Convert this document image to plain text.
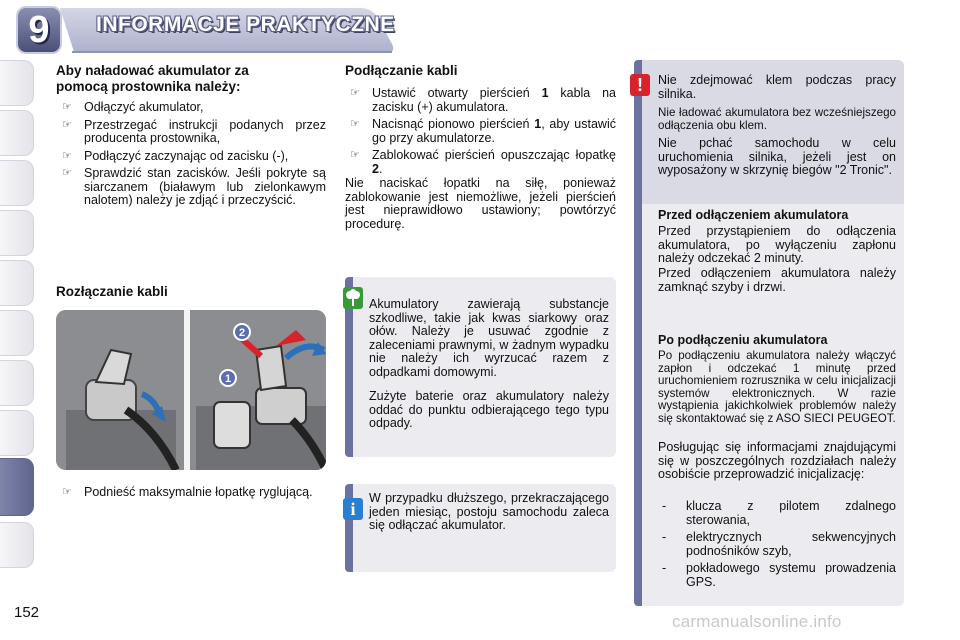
9	INFORMACJE PRAKTYCZNE
Aby naładować akumulator za
pomocą prostownika należy:
☞ Odłączyć akumulator,
☞ Przestrzegać instrukcji podanych przez producenta prostownika,
☞ Podłączyć zaczynając od zacisku (-),
☞ Sprawdzić stan zacisków. Jeśli pokryte są siarczanem (białawym lub zielonkawym nalotem) należy je zdjąć i przeczyścić.
Rozłączanie kabli
1
2
☞ Podnieść maksymalnie łopatkę ryglującą.
Podłączanie kabli
☞ Ustawić otwarty pierścień 1 kabla na zacisku (+) akumulatora.
☞ Nacisnąć pionowo pierścień 1, aby ustawić go przy akumulatorze.
☞ Zablokować pierścień opuszczając łopatkę 2.
Nie naciskać łopatki na siłę, ponieważ zablokowanie jest niemożliwe, jeżeli pierścień jest nieprawidłowo ustawiony; powtórzyć procedurę.
Akumulatory zawierają substancje szkodliwe, takie jak kwas siarkowy oraz ołów. Należy je usuwać zgodnie z zaleceniami prawnymi, w żadnym wypadku nie należy ich wyrzucać razem z odpadkami domowymi.
Zużyte baterie oraz akumulatory należy oddać do punktu odbierającego tego typu odpady.
i
W przypadku dłuższego, przekraczającego jeden miesiąc, postoju samochodu zaleca się odłączać akumulator.
!	Nie zdejmować klem podczas pracy silnika.
Nie ładować akumulatora bez wcześniejszego odłączenia obu klem.
Nie pchać samochodu w celu uruchomienia silnika, jeżeli jest on wyposażony w skrzynię biegów "2 Tronic".
Przed odłączeniem akumulatora
Przed przystąpieniem do odłączenia akumulatora, po wyłączeniu zapłonu należy odczekać 2 minuty.
Przed odłączeniem akumulatora należy zamknąć szyby i drzwi.
Po podłączeniu akumulatora
Po podłączeniu akumulatora należy włączyć zapłon i odczekać 1 minutę przed uruchomieniem rozrusznika w celu inicjalizacji systemów elektronicznych. W razie wystąpienia jakichkolwiek problemów należy się skontaktować się z ASO SIECI PEUGEOT.
Posługując się informacjami znajdującymi się w poszczególnych rozdziałach należy osobiście przeprowadzić inicjalizację:
- klucza z pilotem zdalnego sterowania,
- elektrycznych sekwencyjnych podnośników szyb,
- pokładowego systemu prowadzenia GPS.
152	carmanualsonline.info
